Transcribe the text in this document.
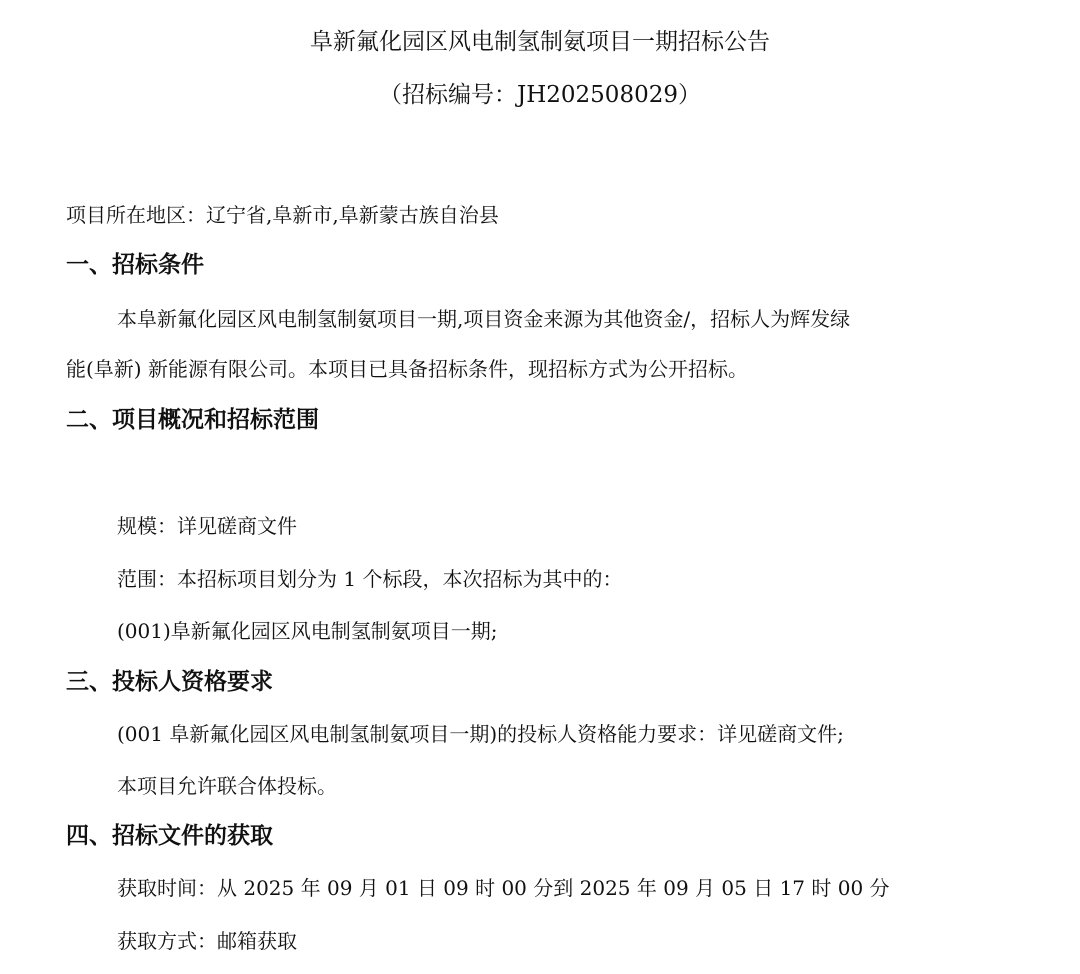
阜新氟化园区风电制氢制氨项目一期招标公告
（招标编号：JH202508029）
项目所在地区：辽宁省,阜新市,阜新蒙古族自治县
一、招标条件
本阜新氟化园区风电制氢制氨项目一期,项目资金来源为其他资金/，招标人为辉发绿
能(阜新) 新能源有限公司。本项目已具备招标条件，现招标方式为公开招标。
二、项目概况和招标范围
规模：详见磋商文件
范围：本招标项目划分为 1 个标段，本次招标为其中的：
(001)阜新氟化园区风电制氢制氨项目一期;
三、投标人资格要求
(001 阜新氟化园区风电制氢制氨项目一期)的投标人资格能力要求：详见磋商文件;
本项目允许联合体投标。
四、招标文件的获取
获取时间：从 2025 年 09 月 01 日 09 时 00 分到 2025 年 09 月 05 日 17 时 00 分
获取方式：邮箱获取
